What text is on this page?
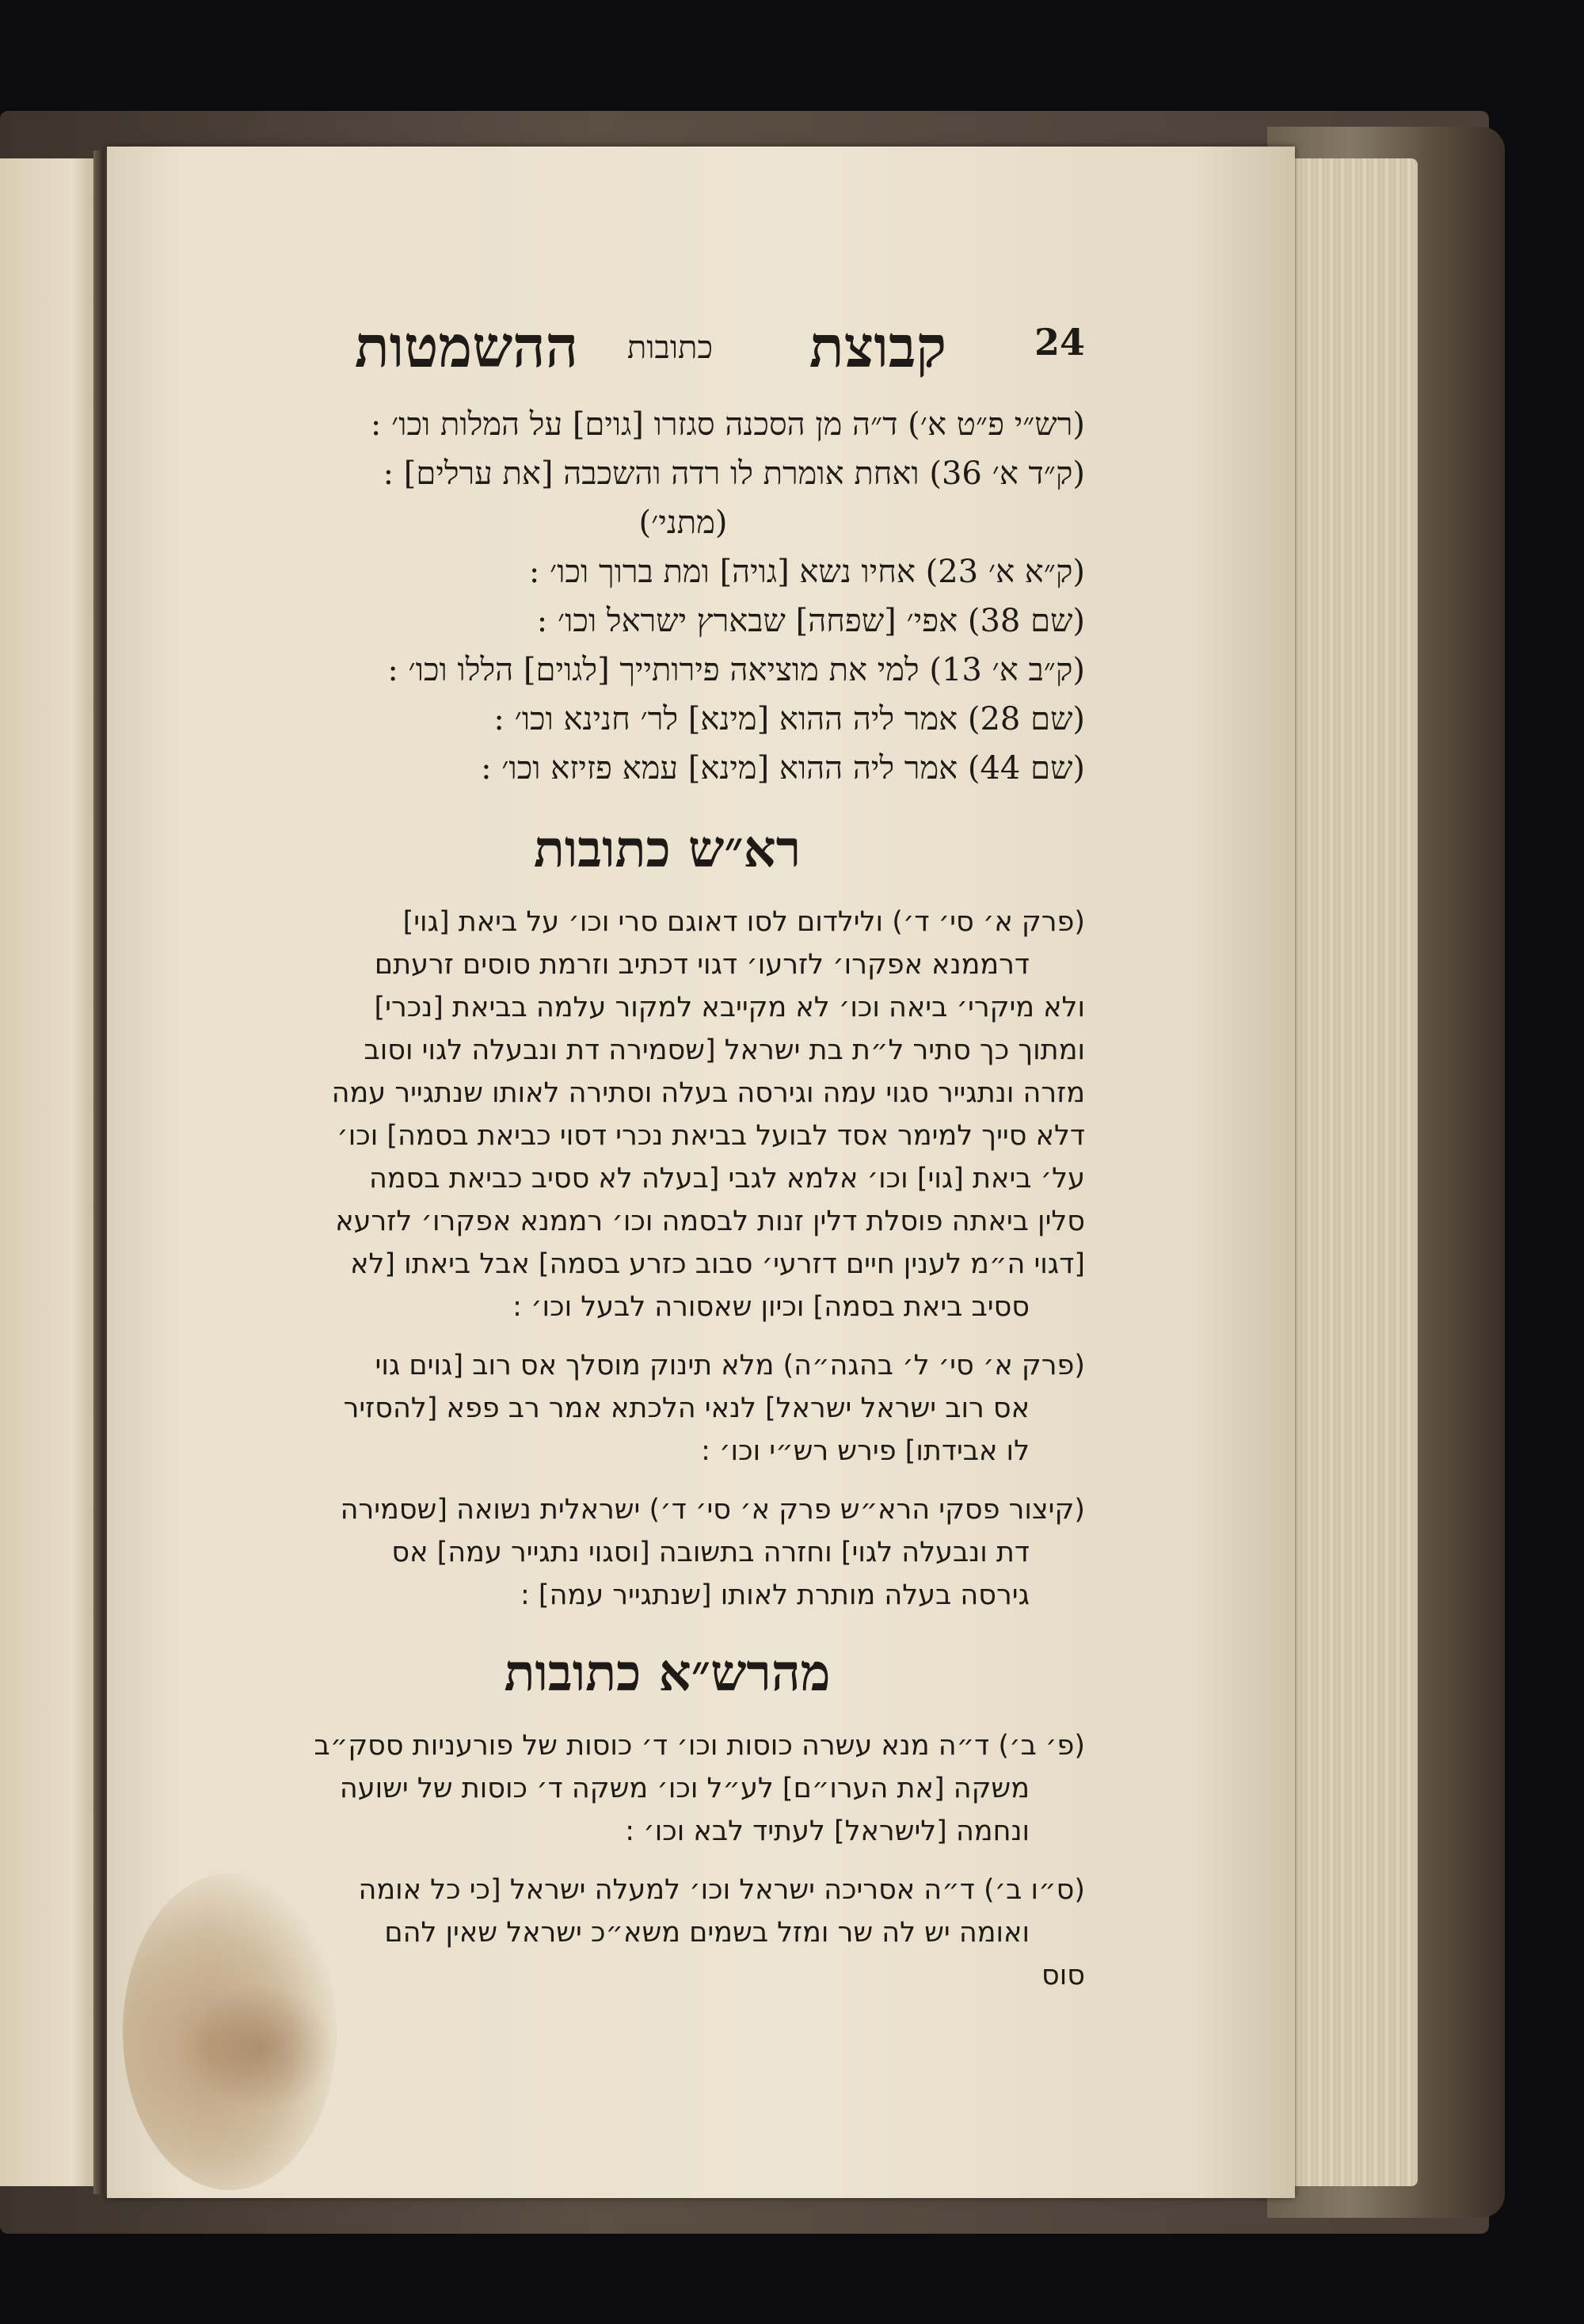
24
קבוצת
כתובות
ההשמטות
(רש״י פ״ט א׳) ד״ה מן הסכנה סגזרו [גוים] על המלות וכו׳ :
(ק״ד א׳ 36) ואחת אומרת לו רדה והשכבה [את ערלים] :
(מתני׳)
(ק״א א׳ 23) אחיו נשא [גויה] ומת ברוך וכו׳ :
(שם 38) אפי׳ [שפחה] שבארץ ישראל וכו׳ :
(ק״ב א׳ 13) למי את מוציאה פירותייך [לגוים] הללו וכו׳ :
(שם 28) אמר ליה ההוא [מינא] לר׳ חנינא וכו׳ :
(שם 44) אמר ליה ההוא [מינא] עמא פזיזא וכו׳ :
רא״ש כתובות
(פרק א׳ סי׳ ד׳) ולילדום לסו דאוגם סרי וכו׳ על ביאת [גוי]
דרממנא אפקרו׳ לזרעו׳ דגוי דכתיב וזרמת סוסים זרעתם
ולא מיקרי׳ ביאה וכו׳ לא מקייבא למקור עלמה בביאת [נכרי]
ומתוך כך סתיר ל״ת בת ישראל [שסמירה דת ונבעלה לגוי וסוב
מזרה ונתגייר סגוי עמה וגירסה בעלה וסתירה לאותו שנתגייר עמה
דלא סייך למימר אסד לבועל בביאת נכרי דסוי כביאת בסמה] וכו׳
על׳ ביאת [גוי] וכו׳ אלמא לגבי [בעלה לא ססיב כביאת בסמה
סלין ביאתה פוסלת דלין זנות לבסמה וכו׳ רממנא אפקרו׳ לזרעא
[דגוי ה״מ לענין חיים דזרעי׳ סבוב כזרע בסמה] אבל ביאתו [לא
ססיב ביאת בסמה] וכיון שאסורה לבעל וכו׳ :
(פרק א׳ סי׳ ל׳ בהגה״ה) מלא תינוק מוסלך אס רוב [גוים גוי
אס רוב ישראל ישראל] לנאי הלכתא אמר רב פפא [להסזיר
לו אבידתו] פירש רש״י וכו׳ :
(קיצור פסקי הרא״ש פרק א׳ סי׳ ד׳) ישראלית נשואה [שסמירה
דת ונבעלה לגוי] וחזרה בתשובה [וסגוי נתגייר עמה] אס
גירסה בעלה מותרת לאותו [שנתגייר עמה] :
מהרש״א כתובות
(פ׳ ב׳) ד״ה מנא עשרה כוסות וכו׳ ד׳ כוסות של פורעניות ססק״ב
משקה [את הערו״ם] לע״ל וכו׳ משקה ד׳ כוסות של ישועה
ונחמה [לישראל] לעתיד לבא וכו׳ :
(ס״ו ב׳) ד״ה אסריכה ישראל וכו׳ למעלה ישראל [כי כל אומה
ואומה יש לה שר ומזל בשמים משא״כ ישראל שאין להם
סוס
